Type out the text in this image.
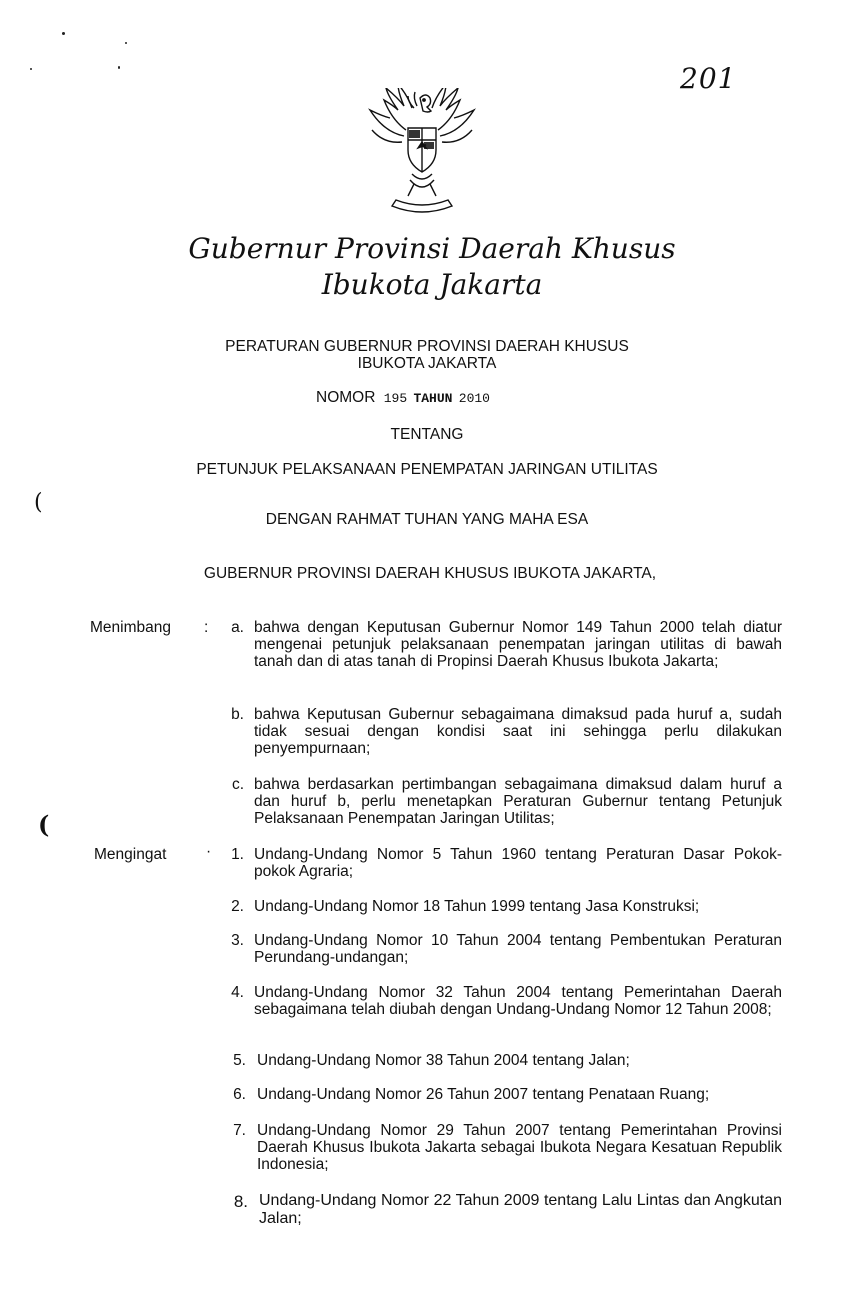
(
(
201
Gubernur Provinsi Daerah Khusus
Ibukota Jakarta
PERATURAN GUBERNUR PROVINSI DAERAH KHUSUS
IBUKOTA JAKARTA
NOMOR 195 TAHUN 2010
TENTANG
PETUNJUK PELAKSANAAN PENEMPATAN JARINGAN UTILITAS
DENGAN RAHMAT TUHAN YANG MAHA ESA
GUBERNUR PROVINSI DAERAH KHUSUS IBUKOTA JAKARTA,
Menimbang :	a. bahwa dengan Keputusan Gubernur Nomor 149 Tahun 2000 telah diatur mengenai petunjuk pelaksanaan penempatan jaringan utilitas di bawah tanah dan di atas tanah di Propinsi Daerah Khusus Ibukota Jakarta;
b. bahwa Keputusan Gubernur sebagaimana dimaksud pada huruf a, sudah tidak sesuai dengan kondisi saat ini sehingga perlu dilakukan penyempurnaan;
c. bahwa berdasarkan pertimbangan sebagaimana dimaksud dalam huruf a dan huruf b, perlu menetapkan Peraturan Gubernur tentang Petunjuk Pelaksanaan Penempatan Jaringan Utilitas;
Mengingat	·	1. Undang-Undang Nomor 5 Tahun 1960 tentang Peraturan Dasar Pokok-pokok Agraria;
2. Undang-Undang Nomor 18 Tahun 1999 tentang Jasa Konstruksi;
3. Undang-Undang Nomor 10 Tahun 2004 tentang Pembentukan Peraturan Perundang-undangan;
4. Undang-Undang Nomor 32 Tahun 2004 tentang Pemerintahan Daerah sebagaimana telah diubah dengan Undang-Undang Nomor 12 Tahun 2008;
5. Undang-Undang Nomor 38 Tahun 2004 tentang Jalan;
6. Undang-Undang Nomor 26 Tahun 2007 tentang Penataan Ruang;
7. Undang-Undang Nomor 29 Tahun 2007 tentang Pemerintahan Provinsi Daerah Khusus Ibukota Jakarta sebagai Ibukota Negara Kesatuan Republik Indonesia;
8. Undang-Undang Nomor 22 Tahun 2009 tentang Lalu Lintas dan Angkutan Jalan;
